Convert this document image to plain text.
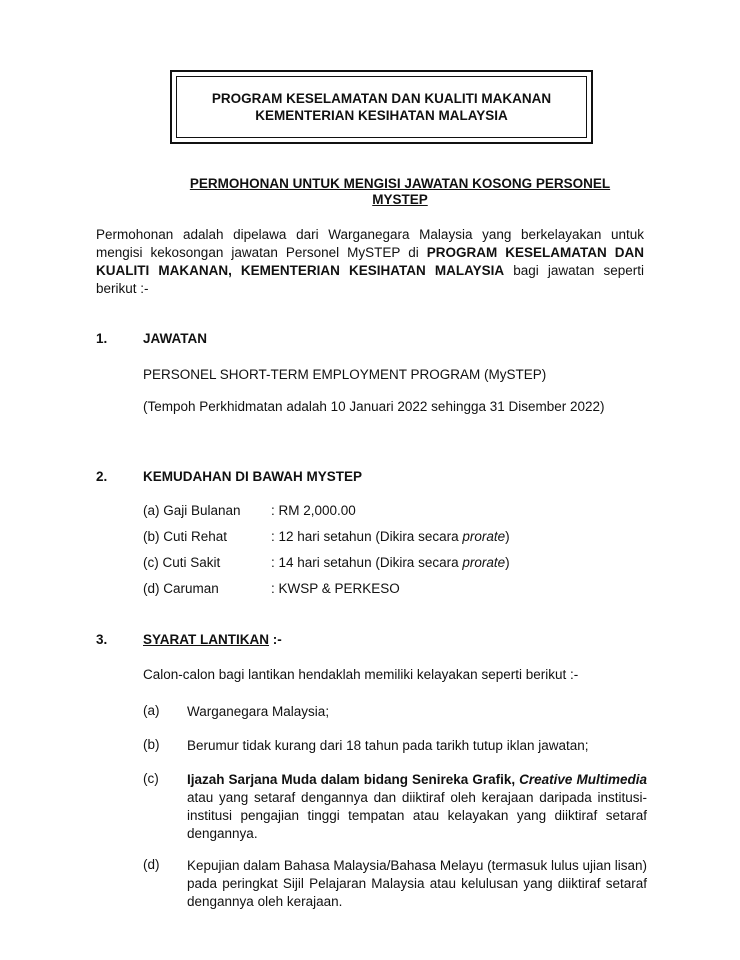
PROGRAM KESELAMATAN DAN KUALITI MAKANAN
KEMENTERIAN KESIHATAN MALAYSIA
PERMOHONAN UNTUK MENGISI JAWATAN KOSONG PERSONEL
MYSTEP
Permohonan adalah dipelawa dari Warganegara Malaysia yang berkelayakan untuk mengisi kekosongan jawatan Personel MySTEP di PROGRAM KESELAMATAN DAN KUALITI MAKANAN, KEMENTERIAN KESIHATAN MALAYSIA bagi jawatan seperti berikut :-
1.	JAWATAN
PERSONEL SHORT-TERM EMPLOYMENT PROGRAM (MySTEP)
(Tempoh Perkhidmatan adalah 10 Januari 2022 sehingga 31 Disember 2022)
2.	KEMUDAHAN DI BAWAH MYSTEP
(a) Gaji Bulanan	: RM 2,000.00
(b) Cuti Rehat	: 12 hari setahun (Dikira secara prorate)
(c) Cuti Sakit	: 14 hari setahun (Dikira secara prorate)
(d) Caruman	: KWSP & PERKESO
3.	SYARAT LANTIKAN :-
Calon-calon bagi lantikan hendaklah memiliki kelayakan seperti berikut :-
(a) Warganegara Malaysia;
(b) Berumur tidak kurang dari 18 tahun pada tarikh tutup iklan jawatan;
(c) Ijazah Sarjana Muda dalam bidang Senireka Grafik, Creative Multimedia atau yang setaraf dengannya dan diiktiraf oleh kerajaan daripada institusi-institusi pengajian tinggi tempatan atau kelayakan yang diiktiraf setaraf dengannya.
(d) Kepujian dalam Bahasa Malaysia/Bahasa Melayu (termasuk lulus ujian lisan) pada peringkat Sijil Pelajaran Malaysia atau kelulusan yang diiktiraf setaraf dengannya oleh kerajaan.
